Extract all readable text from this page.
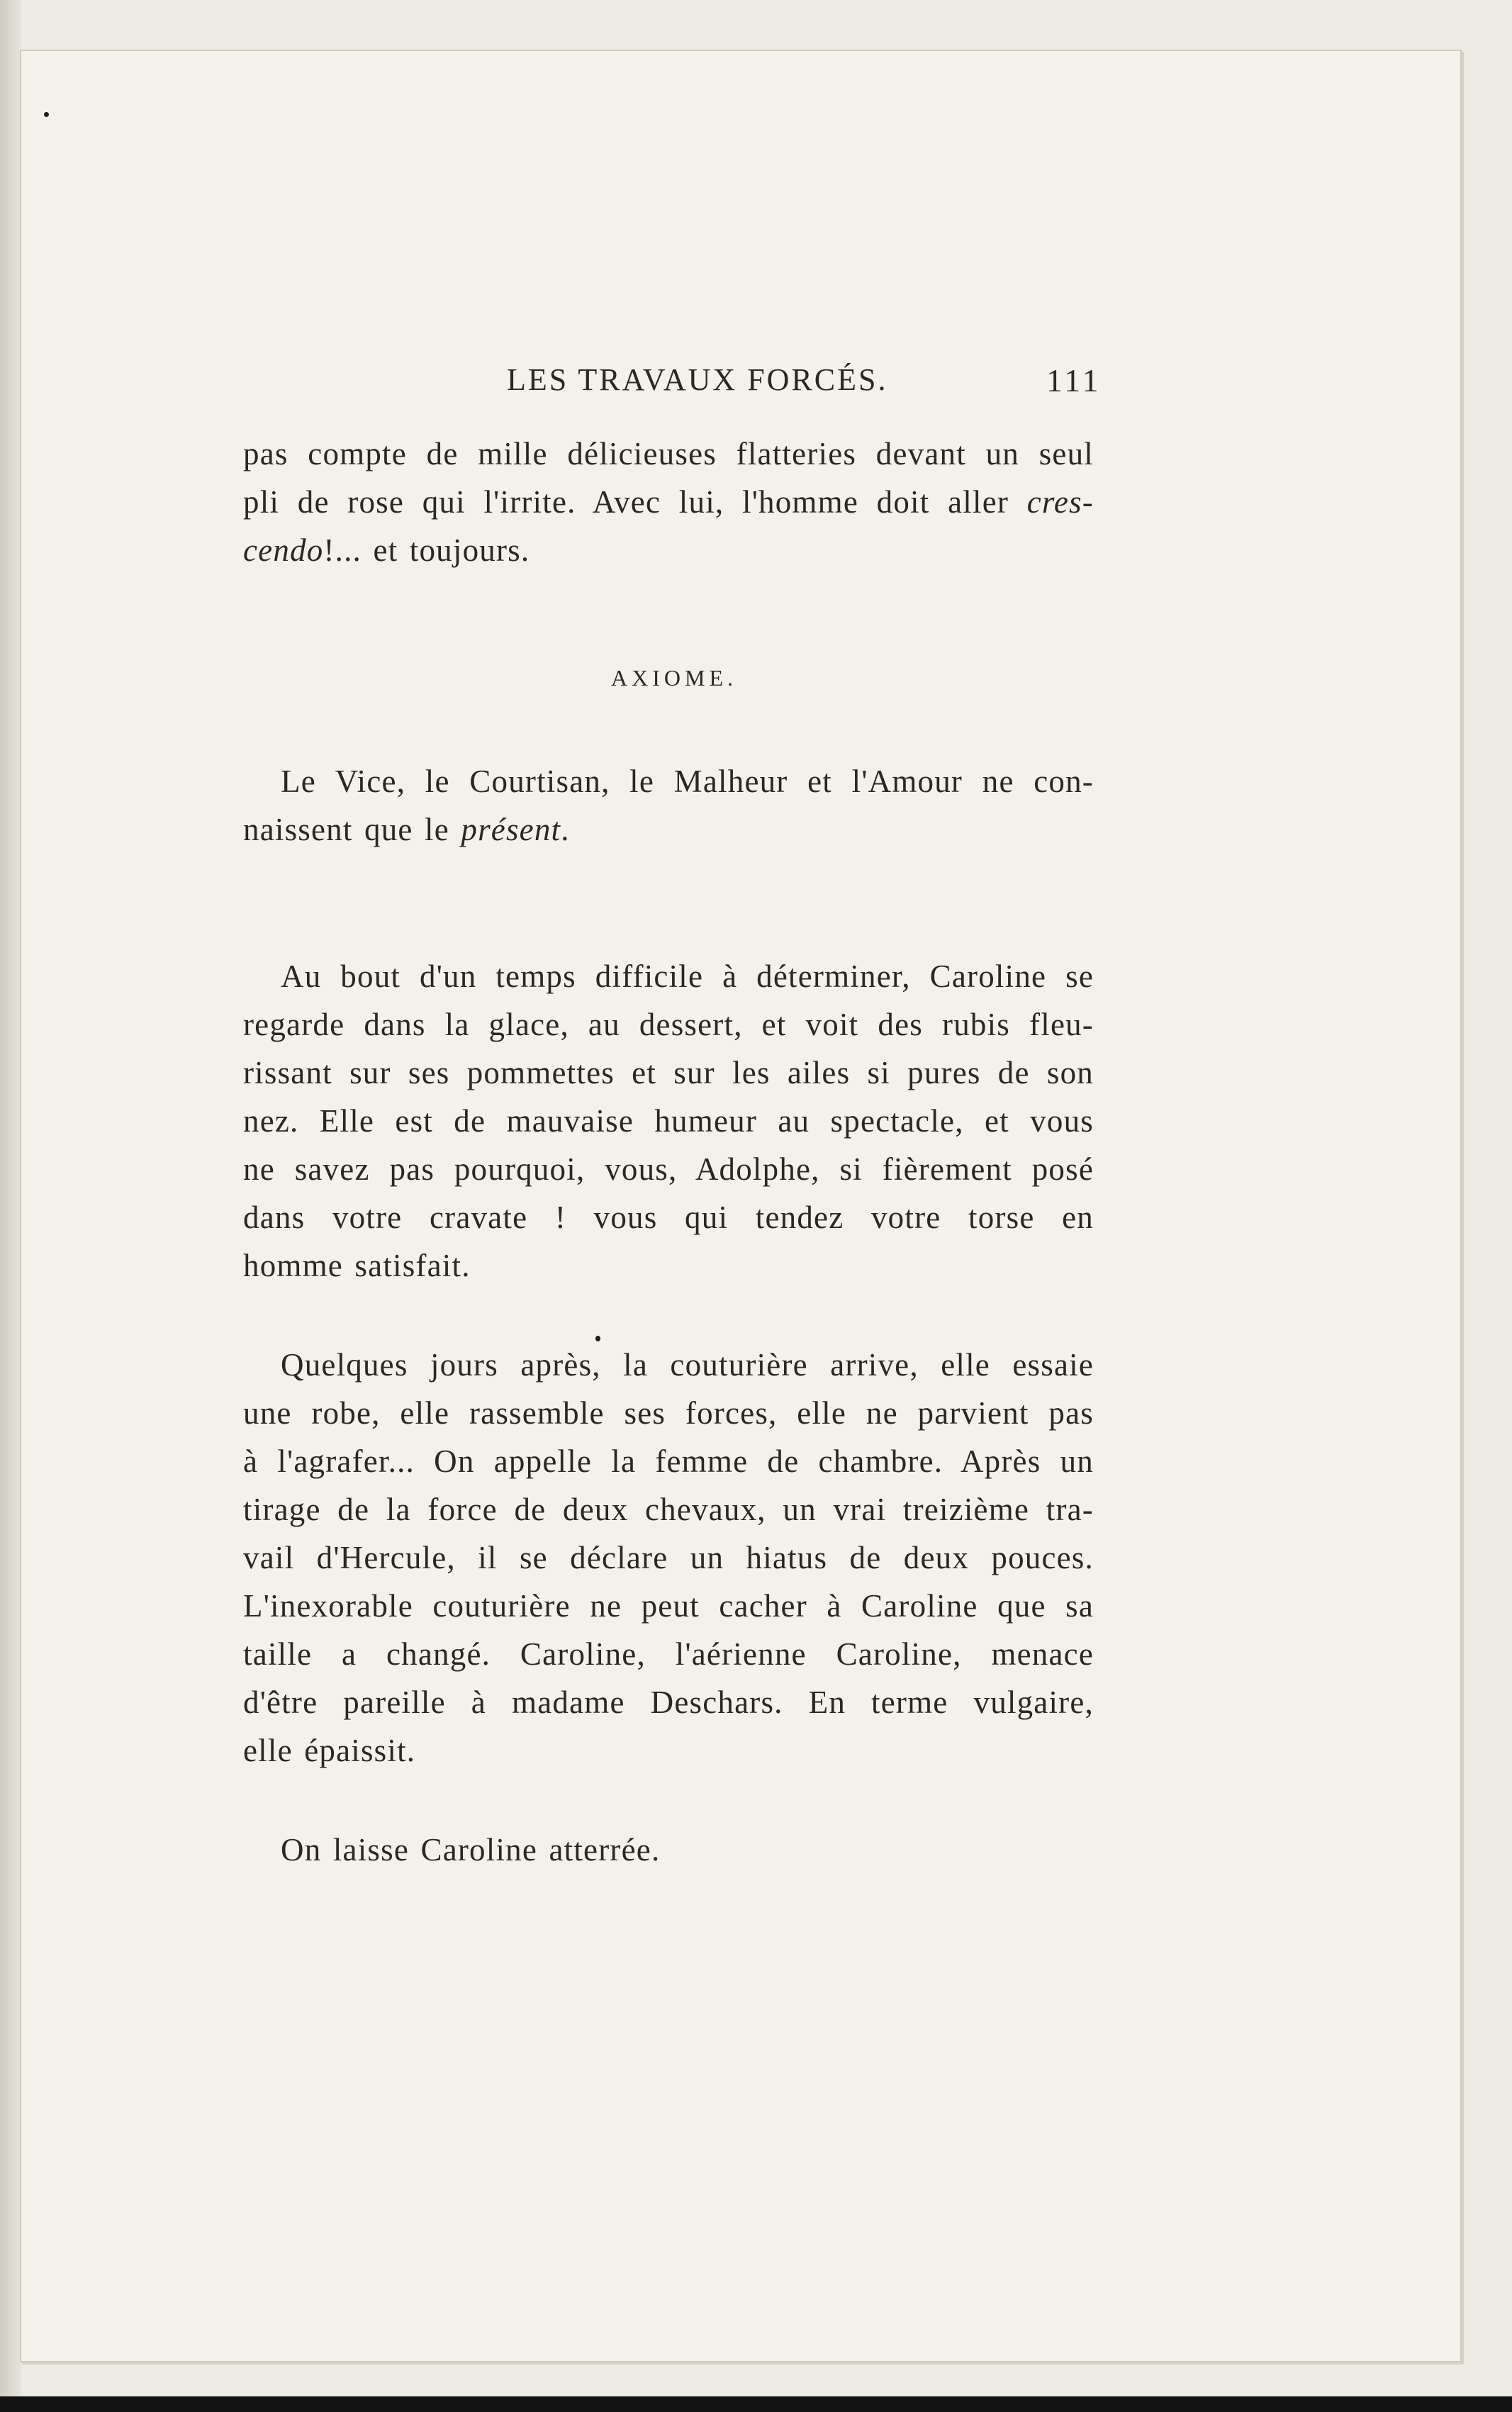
LES TRAVAUX FORCÉS.	111
pas compte de mille délicieuses flatteries devant un seul
pli de rose qui l'irrite. Avec lui, l'homme doit aller cres-
cendo!... et toujours.
AXIOME.
Le Vice, le Courtisan, le Malheur et l'Amour ne con-
naissent que le présent.
Au bout d'un temps difficile à déterminer, Caroline se
regarde dans la glace, au dessert, et voit des rubis fleu-
rissant sur ses pommettes et sur les ailes si pures de son
nez. Elle est de mauvaise humeur au spectacle, et vous
ne savez pas pourquoi, vous, Adolphe, si fièrement posé
dans votre cravate ! vous qui tendez votre torse en
homme satisfait.
Quelques jours après, la couturière arrive, elle essaie
une robe, elle rassemble ses forces, elle ne parvient pas
à l'agrafer... On appelle la femme de chambre. Après un
tirage de la force de deux chevaux, un vrai treizième tra-
vail d'Hercule, il se déclare un hiatus de deux pouces.
L'inexorable couturière ne peut cacher à Caroline que sa
taille a changé. Caroline, l'aérienne Caroline, menace
d'être pareille à madame Deschars. En terme vulgaire,
elle épaissit.
On laisse Caroline atterrée.
